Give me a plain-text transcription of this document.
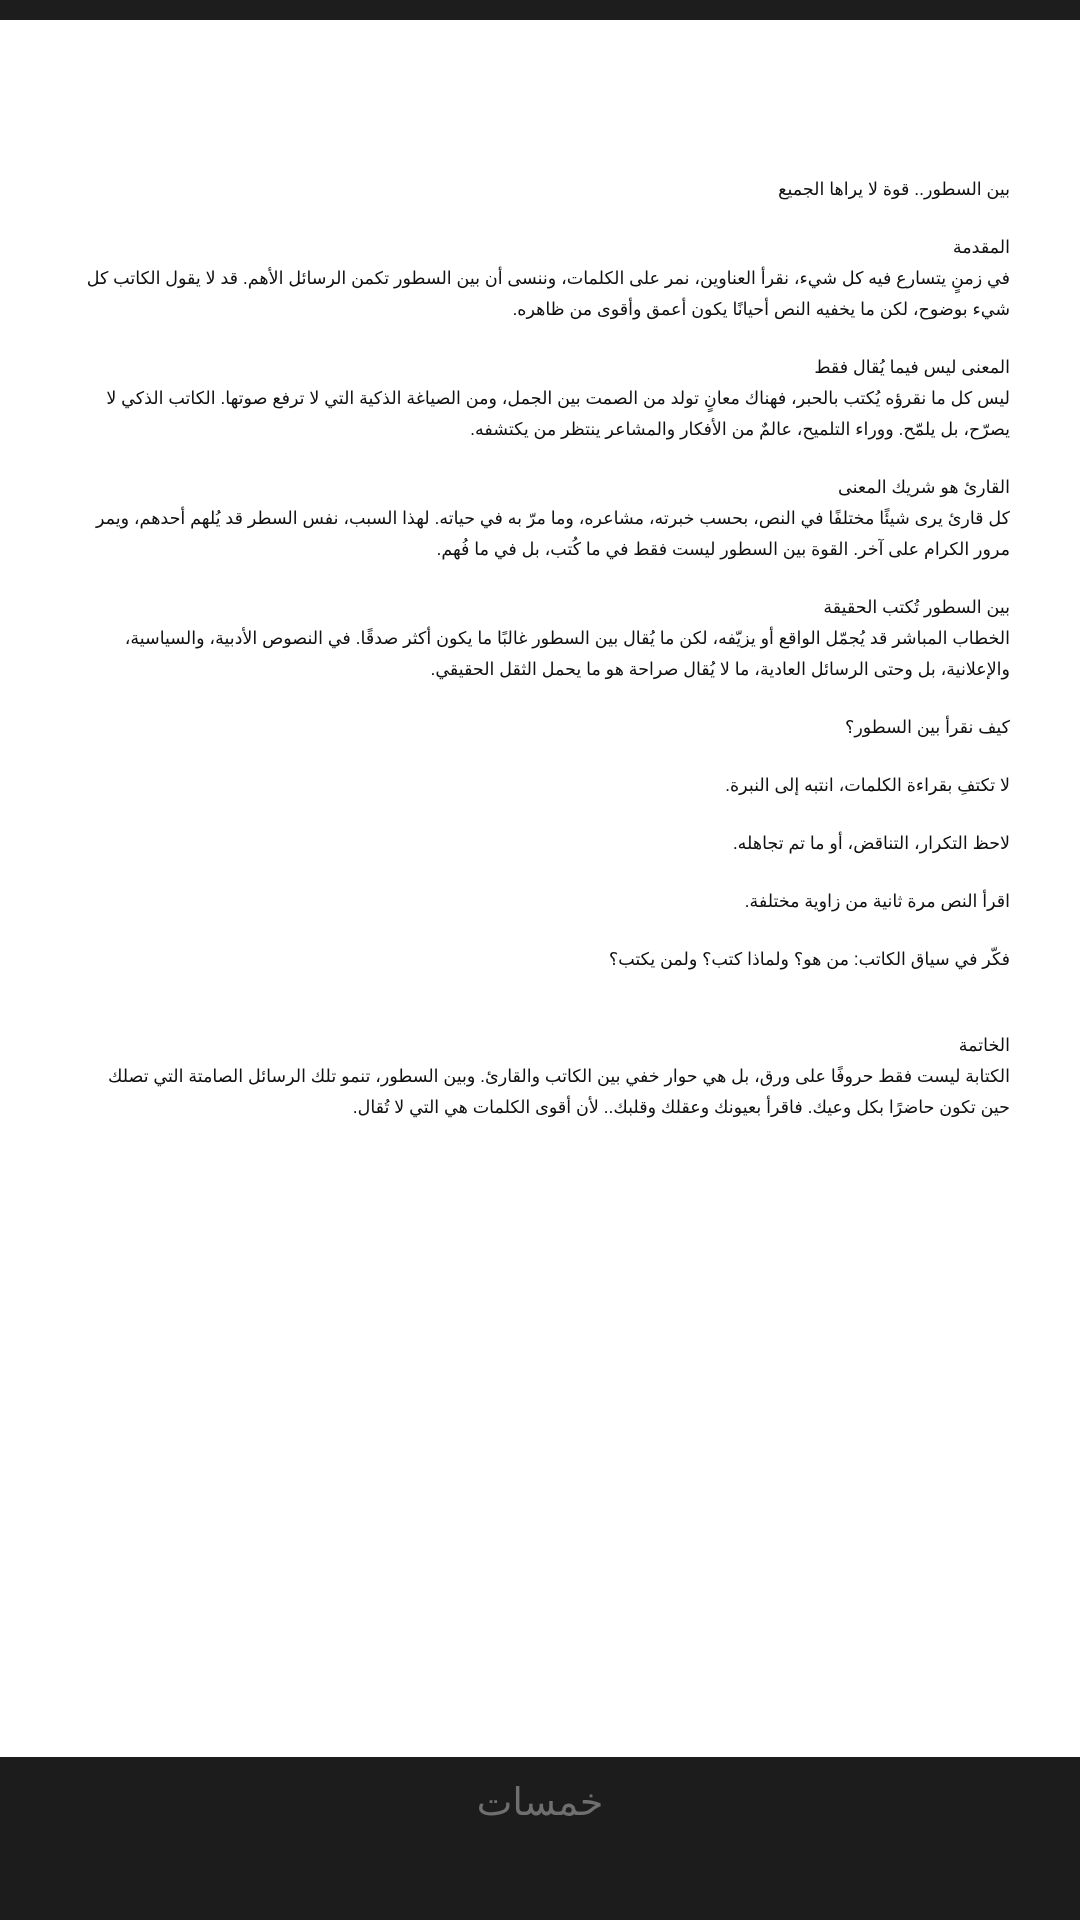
بين السطور.. قوة لا يراها الجميع

المقدمة

في زمنٍ يتسارع فيه كل شيء، نقرأ العناوين، نمر على الكلمات، وننسى أن بين السطور تكمن الرسائل الأهم. قد لا يقول الكاتب كل شيء بوضوح، لكن ما يخفيه النص أحيانًا يكون أعمق وأقوى من ظاهره.

المعنى ليس فيما يُقال فقط

ليس كل ما نقرؤه يُكتب بالحبر، فهناك معانٍ تولد من الصمت بين الجمل، ومن الصياغة الذكية التي لا ترفع صوتها. الكاتب الذكي لا يصرّح، بل يلمّح. ووراء التلميح، عالمٌ من الأفكار والمشاعر ينتظر من يكتشفه.

القارئ هو شريك المعنى

كل قارئ يرى شيئًا مختلفًا في النص، بحسب خبرته، مشاعره، وما مرّ به في حياته. لهذا السبب، نفس السطر قد يُلهم أحدهم، ويمر مرور الكرام على آخر. القوة بين السطور ليست فقط في ما كُتب، بل في ما فُهم.

بين السطور تُكتب الحقيقة

الخطاب المباشر قد يُجمّل الواقع أو يزيّفه، لكن ما يُقال بين السطور غالبًا ما يكون أكثر صدقًا. في النصوص الأدبية، والسياسية، والإعلانية، بل وحتى الرسائل العادية، ما لا يُقال صراحة هو ما يحمل الثقل الحقيقي.

كيف نقرأ بين السطور؟

لا تكتفِ بقراءة الكلمات، انتبه إلى النبرة.

لاحظ التكرار، التناقض، أو ما تم تجاهله.

اقرأ النص مرة ثانية من زاوية مختلفة.

فكّر في سياق الكاتب: من هو؟ ولماذا كتب؟ ولمن يكتب؟

الخاتمة

الكتابة ليست فقط حروفًا على ورق، بل هي حوار خفي بين الكاتب والقارئ. وبين السطور، تنمو تلك الرسائل الصامتة التي تصلك حين تكون حاضرًا بكل وعيك. فاقرأ بعيونك وعقلك وقلبك.. لأن أقوى الكلمات هي التي لا تُقال.

خمسات
